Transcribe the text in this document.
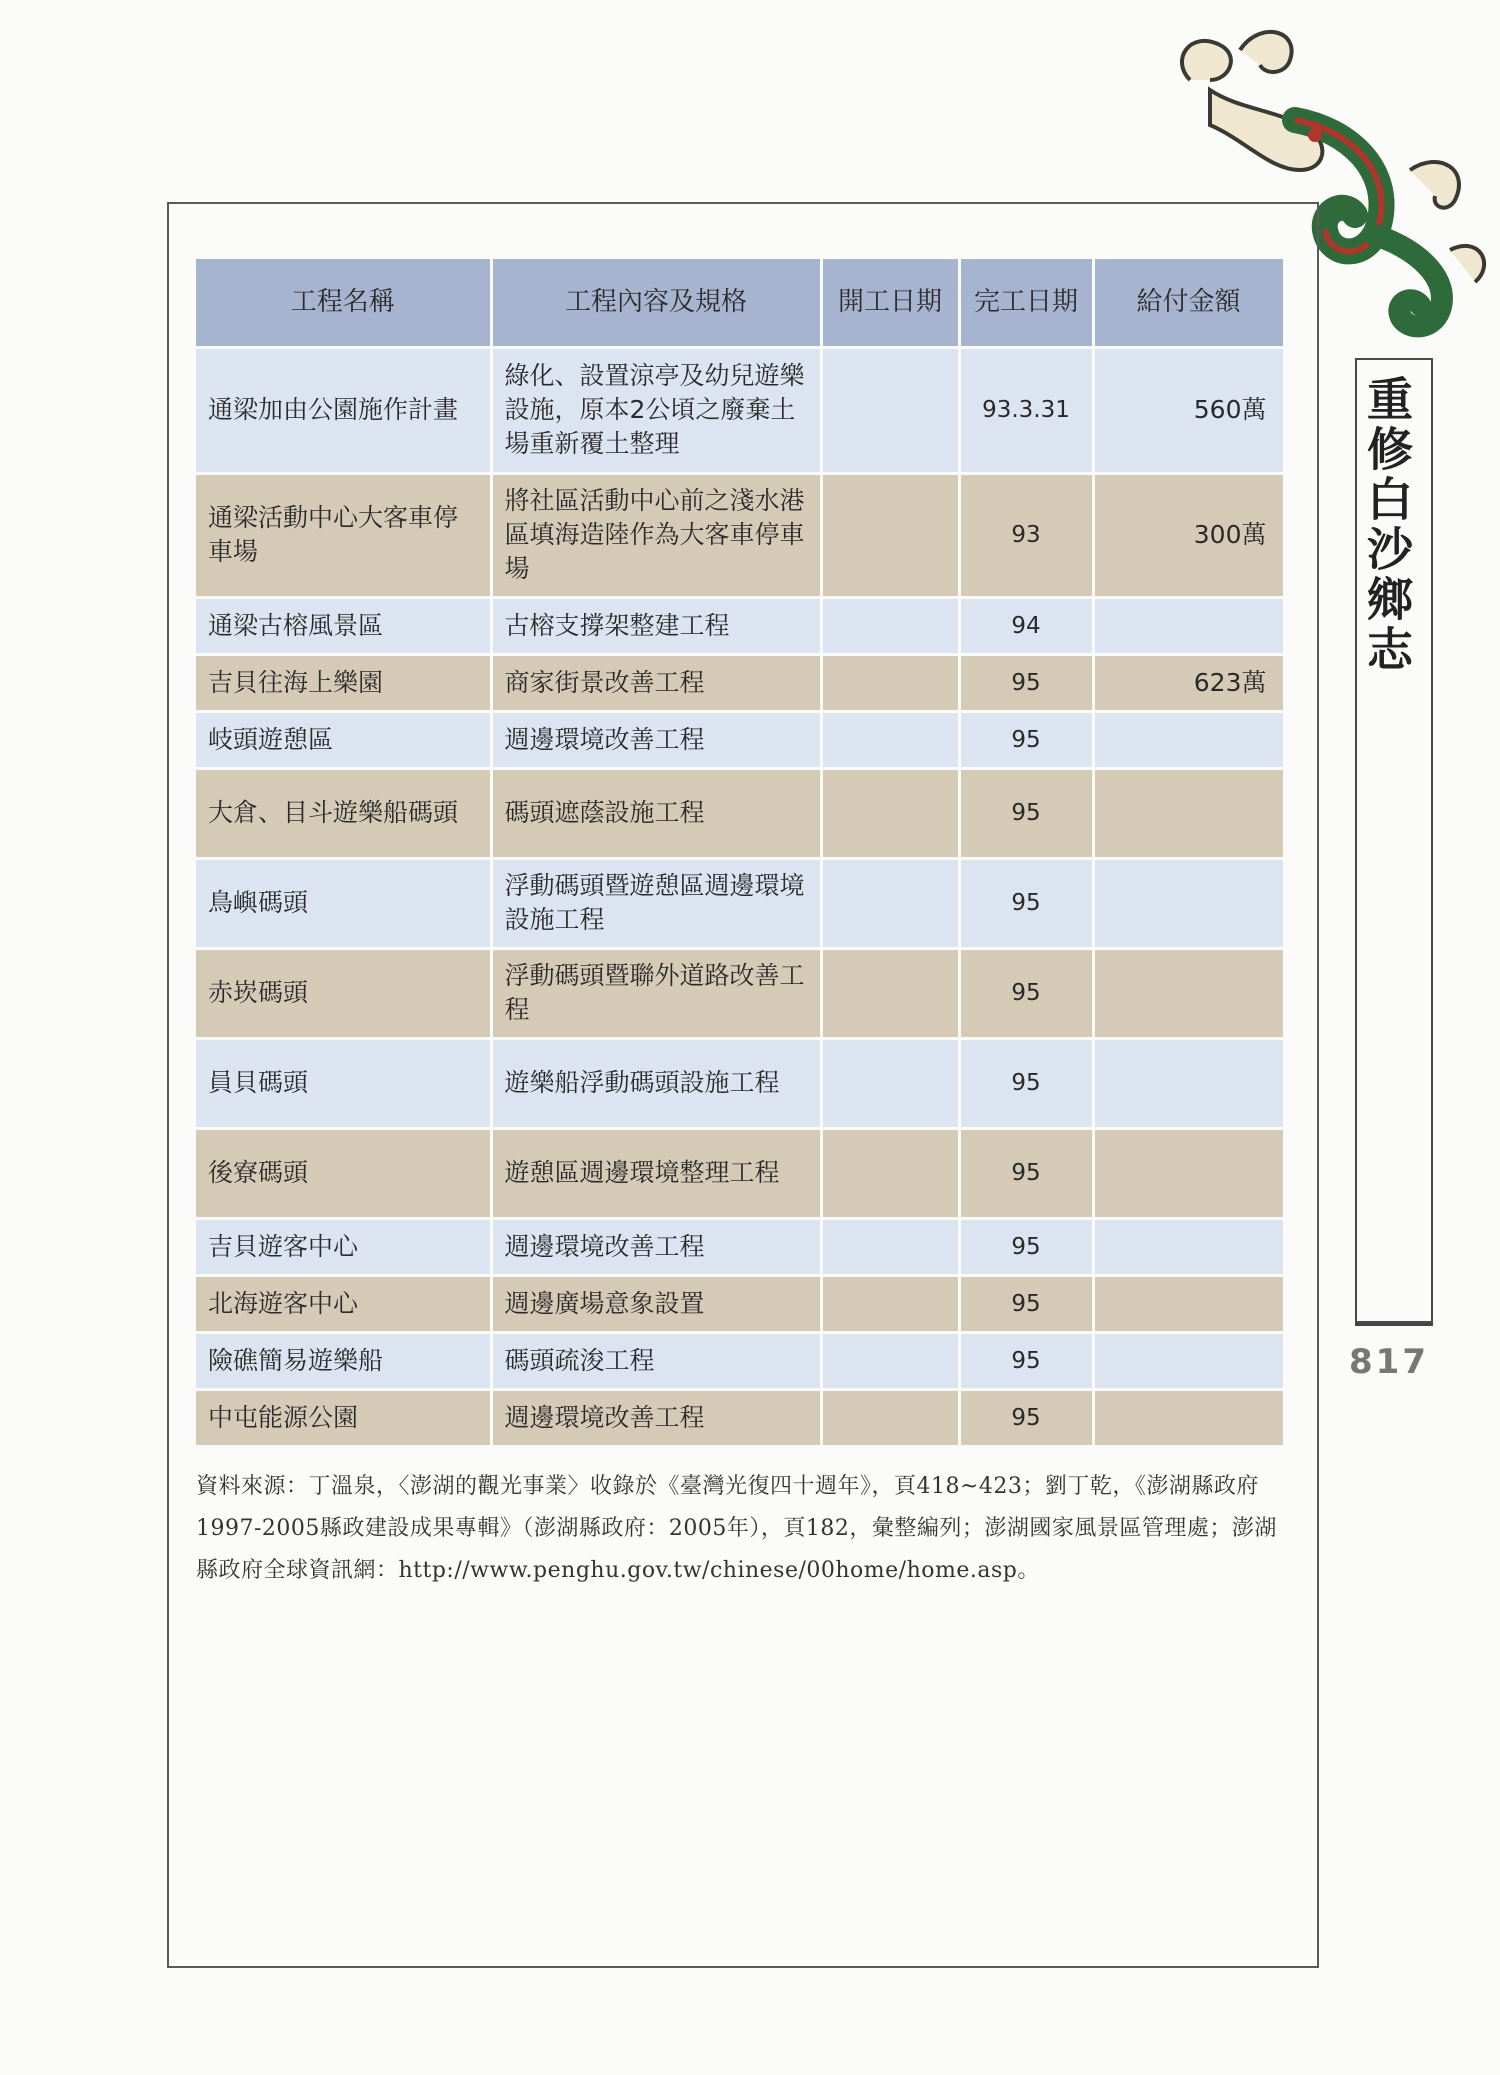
工程名稱	工程內容及規格	開工日期	完工日期	給付金額
通梁加由公園施作計畫	綠化、設置涼亭及幼兒遊樂設施，原本2公頃之廢棄土場重新覆土整理		93.3.31	560萬
通梁活動中心大客車停車場	將社區活動中心前之淺水港區填海造陸作為大客車停車場		93	300萬
通梁古榕風景區	古榕支撐架整建工程		94	
吉貝往海上樂園	商家街景改善工程		95	623萬
岐頭遊憩區	週邊環境改善工程		95	
大倉、目斗遊樂船碼頭	碼頭遮蔭設施工程		95	
鳥嶼碼頭	浮動碼頭暨遊憩區週邊環境設施工程		95	
赤崁碼頭	浮動碼頭暨聯外道路改善工程		95	
員貝碼頭	遊樂船浮動碼頭設施工程		95	
後寮碼頭	遊憩區週邊環境整理工程		95	
吉貝遊客中心	週邊環境改善工程		95	
北海遊客中心	週邊廣場意象設置		95	
險礁簡易遊樂船	碼頭疏浚工程		95	
中屯能源公園	週邊環境改善工程		95	
資料來源：丁溫泉，〈澎湖的觀光事業〉收錄於《臺灣光復四十週年》，頁418~423；劉丁乾，《澎湖縣政府1997-2005縣政建設成果專輯》（澎湖縣政府：2005年），頁182，彙整編列；澎湖國家風景區管理處；澎湖縣政府全球資訊網：http://www.penghu.gov.tw/chinese/00home/home.asp。
重修白沙鄉志
817
